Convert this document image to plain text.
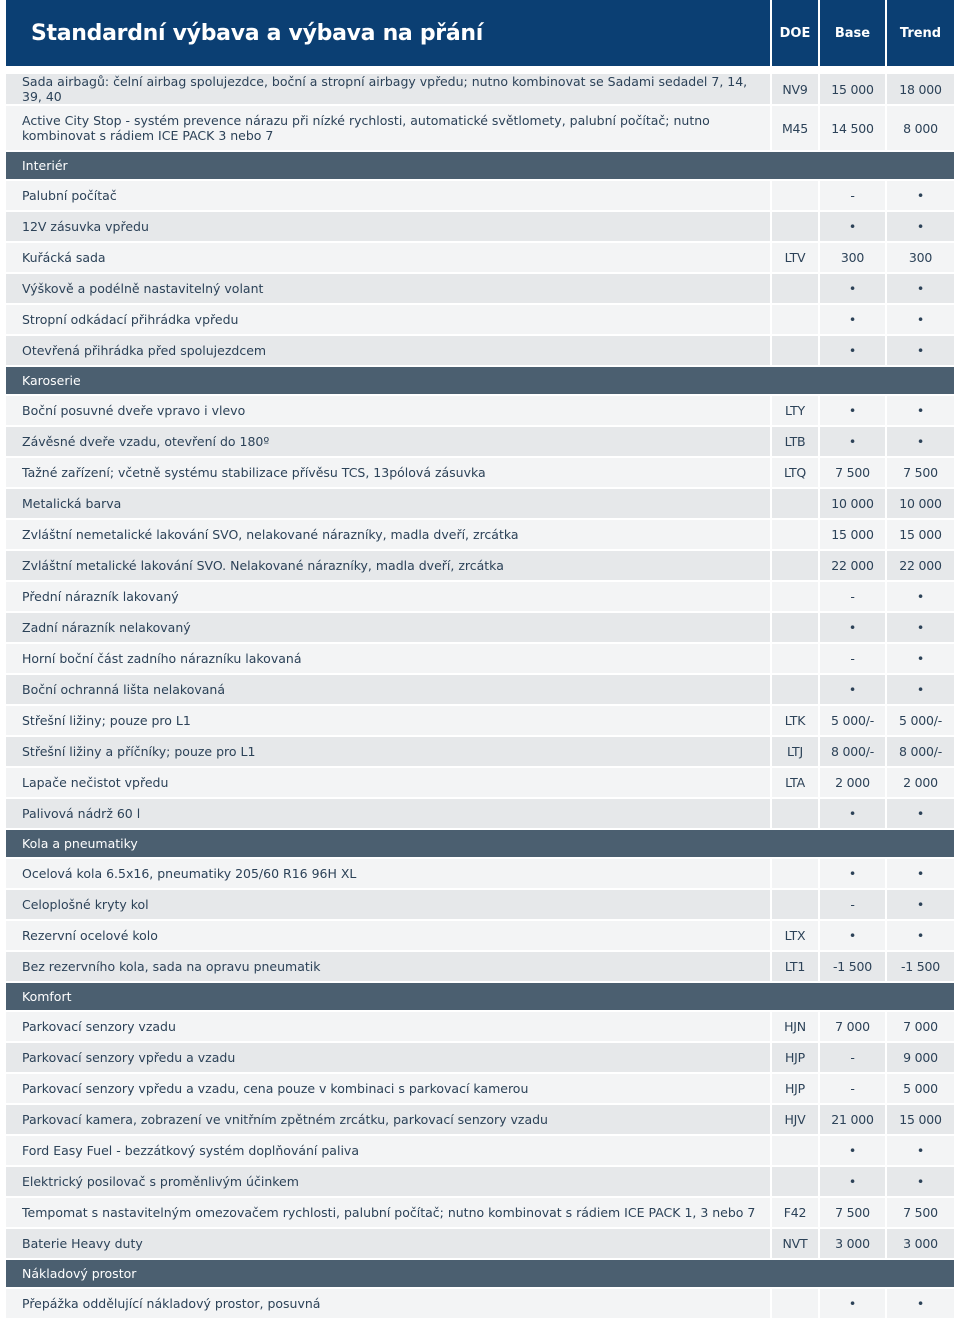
Standardní výbava a výbava na přání	DOE	Base	Trend

Sada airbagů: čelní airbag spolujezdce, boční a stropní airbagy vpředu; nutno kombinovat se Sadami sedadel 7, 14, 39, 40	NV9	15 000	18 000
Active City Stop - systém prevence nárazu při nízké rychlosti, automatické světlomety, palubní počítač; nutno kombinovat s rádiem ICE PACK 3 nebo 7	M45	14 500	8 000
Interiér			
Palubní počítač		-	•
12V zásuvka vpředu		•	•
Kuřácká sada	LTV	300	300
Výškově a podélně nastavitelný volant		•	•
Stropní odkádací přihrádka vpředu		•	•
Otevřená přihrádka před spolujezdcem		•	•
Karoserie			
Boční posuvné dveře vpravo i vlevo	LTY	•	•
Závěsné dveře vzadu, otevření do 180º	LTB	•	•
Tažné zařízení; včetně systému stabilizace přívěsu TCS, 13pólová zásuvka	LTQ	7 500	7 500
Metalická barva		10 000	10 000
Zvláštní nemetalické lakování SVO, nelakované nárazníky, madla dveří, zrcátka		15 000	15 000
Zvláštní metalické lakování SVO. Nelakované nárazníky, madla dveří, zrcátka		22 000	22 000
Přední nárazník lakovaný		-	•
Zadní nárazník nelakovaný		•	•
Horní boční část zadního nárazníku lakovaná		-	•
Boční ochranná lišta nelakovaná		•	•
Střešní ližiny; pouze pro L1	LTK	5 000/-	5 000/-
Střešní ližiny a příčníky; pouze pro L1	LTJ	8 000/-	8 000/-
Lapače nečistot vpředu	LTA	2 000	2 000
Palivová nádrž 60 l		•	•
Kola a pneumatiky			
Ocelová kola 6.5x16, pneumatiky 205/60 R16 96H XL		•	•
Celoplošné kryty kol		-	•
Rezervní ocelové kolo	LTX	•	•
Bez rezervního kola, sada na opravu pneumatik	LT1	-1 500	-1 500
Komfort			
Parkovací senzory vzadu	HJN	7 000	7 000
Parkovací senzory vpředu a vzadu	HJP	-	9 000
Parkovací senzory vpředu a vzadu, cena pouze v kombinaci s parkovací kamerou	HJP	-	5 000
Parkovací kamera, zobrazení ve vnitřním zpětném zrcátku, parkovací senzory vzadu	HJV	21 000	15 000
Ford Easy Fuel - bezzátkový systém doplňování paliva		•	•
Elektrický posilovač s proměnlivým účinkem		•	•
Tempomat s nastavitelným omezovačem rychlosti, palubní počítač; nutno kombinovat s rádiem ICE PACK 1, 3 nebo 7	F42	7 500	7 500
Baterie Heavy duty	NVT	3 000	3 000
Nákladový prostor			
Přepážka oddělující nákladový prostor, posuvná		•	•
